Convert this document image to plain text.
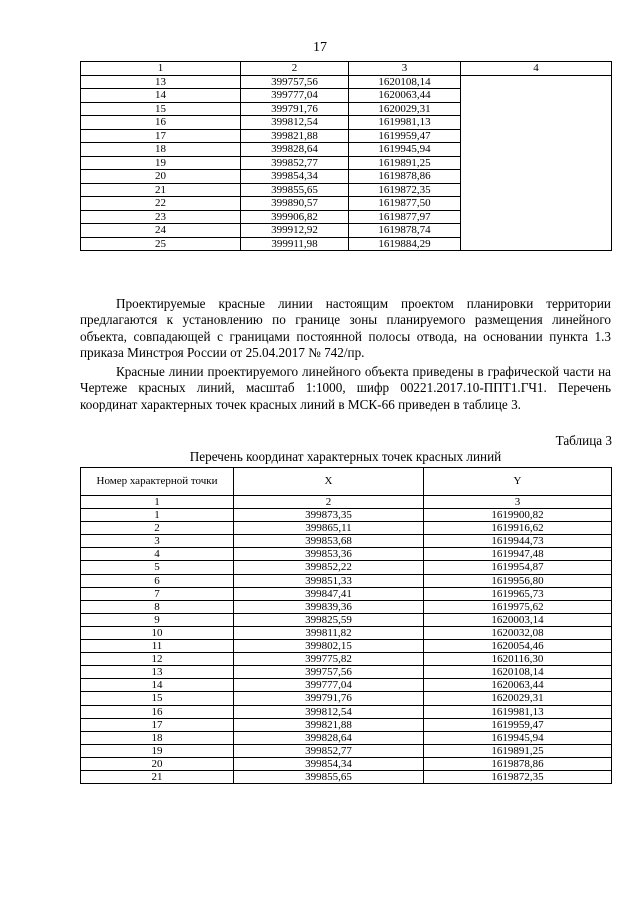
17
1	2	3	4
13	399757,56	1620108,14	
14	399777,04	1620063,44	
15	399791,76	1620029,31	
16	399812,54	1619981,13	
17	399821,88	1619959,47	
18	399828,64	1619945,94	
19	399852,77	1619891,25	
20	399854,34	1619878,86	
21	399855,65	1619872,35	
22	399890,57	1619877,50	
23	399906,82	1619877,97	
24	399912,92	1619878,74	
25	399911,98	1619884,29	
Проектируемые красные линии настоящим проектом планировки территории предлагаются к установлению по границе зоны планируемого размещения линейного объекта, совпадающей с границами постоянной полосы отвода, на основании пункта 1.3 приказа Минстроя России от 25.04.2017 № 742/пр.
Красные линии проектируемого линейного объекта приведены в графической части на Чертеже красных линий, масштаб 1:1000, шифр 00221.2017.10-ППТ1.ГЧ1. Перечень координат характерных точек красных линий в МСК-66 приведен в таблице 3.
Таблица 3
Перечень координат характерных точек красных линий
Номер характерной точки	X	Y
1	2	3
1	399873,35	1619900,82
2	399865,11	1619916,62
3	399853,68	1619944,73
4	399853,36	1619947,48
5	399852,22	1619954,87
6	399851,33	1619956,80
7	399847,41	1619965,73
8	399839,36	1619975,62
9	399825,59	1620003,14
10	399811,82	1620032,08
11	399802,15	1620054,46
12	399775,82	1620116,30
13	399757,56	1620108,14
14	399777,04	1620063,44
15	399791,76	1620029,31
16	399812,54	1619981,13
17	399821,88	1619959,47
18	399828,64	1619945,94
19	399852,77	1619891,25
20	399854,34	1619878,86
21	399855,65	1619872,35
